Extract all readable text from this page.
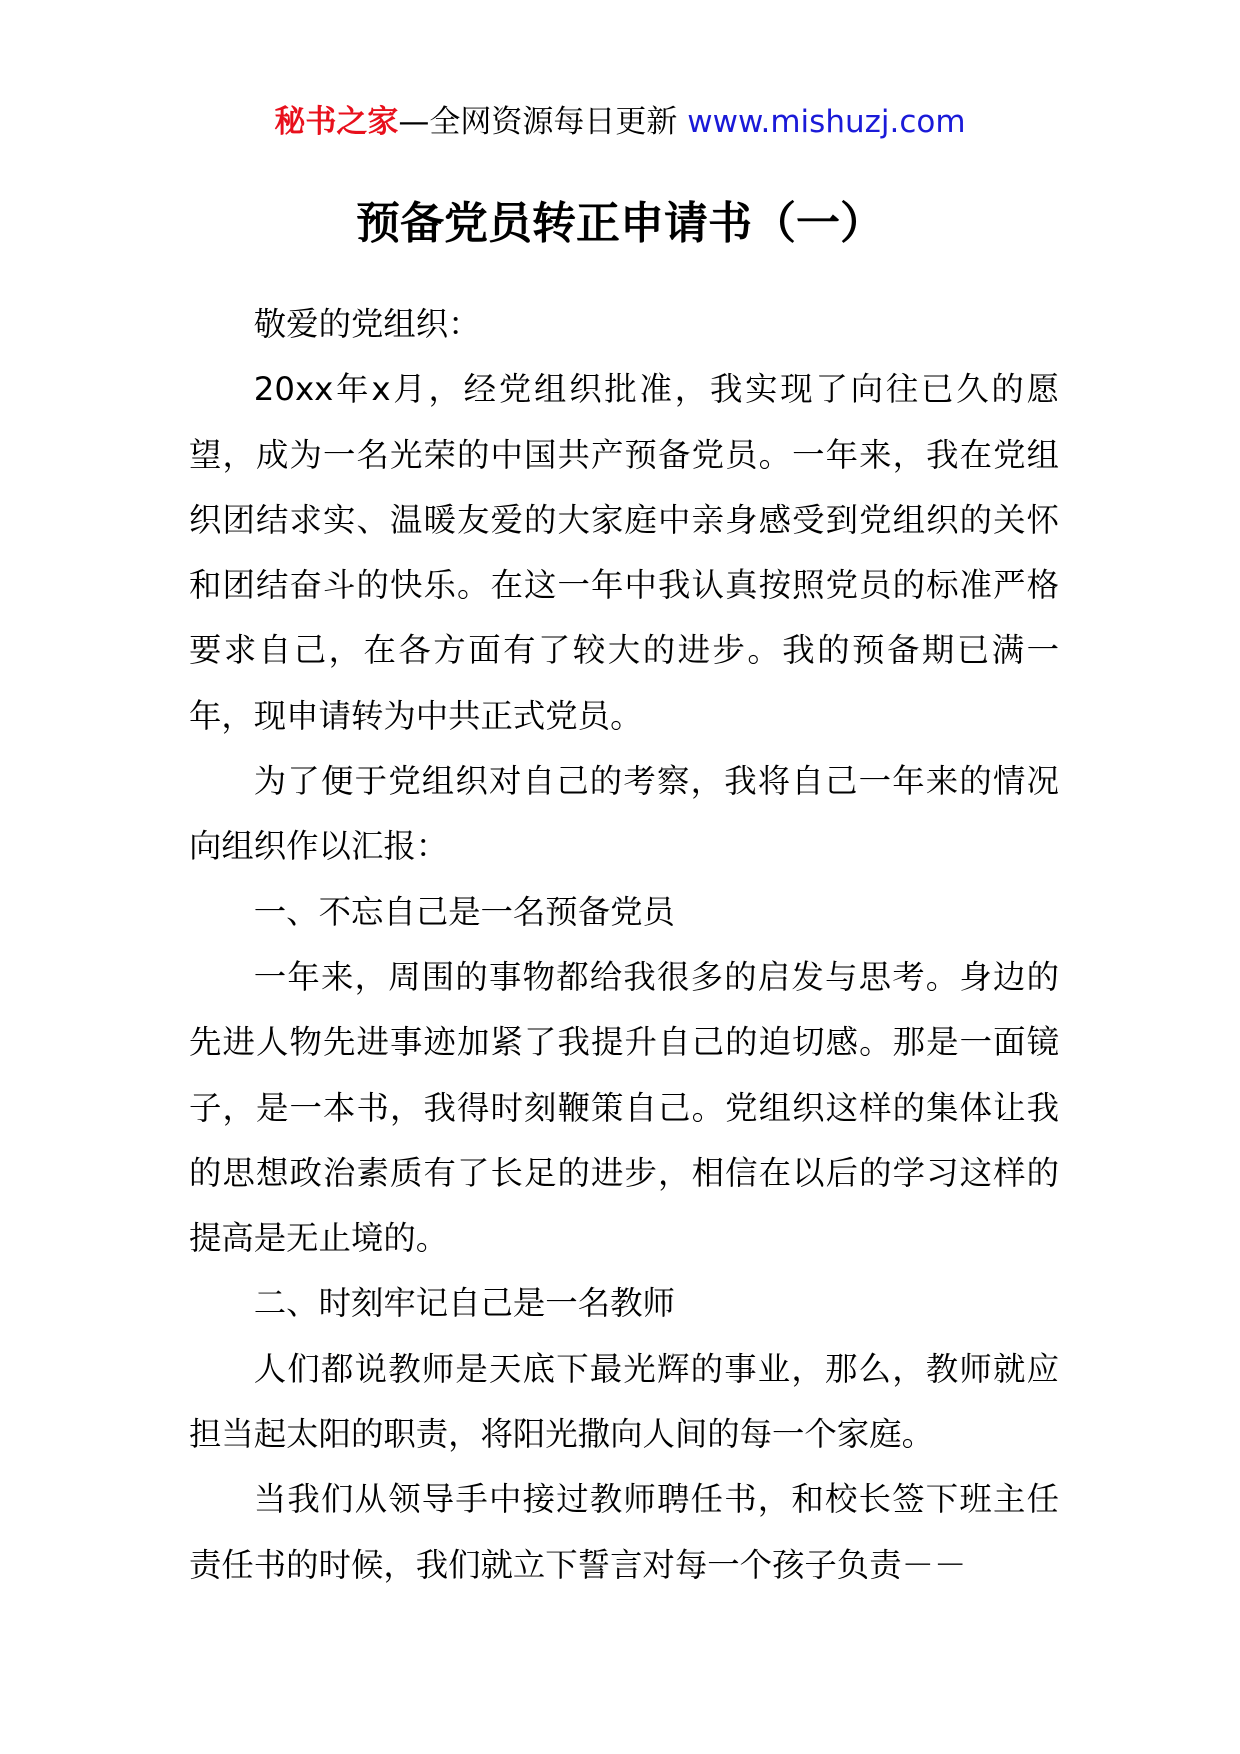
秘书之家—全网资源每日更新 www.mishuzj.com
预备党员转正申请书（一）

敬爱的党组织：

20xx年x月，经党组织批准，我实现了向往已久的愿望，成为一名光荣的中国共产预备党员。一年来，我在党组织团结求实、温暖友爱的大家庭中亲身感受到党组织的关怀和团结奋斗的快乐。在这一年中我认真按照党员的标准严格要求自己，在各方面有了较大的进步。我的预备期已满一年，现申请转为中共正式党员。

为了便于党组织对自己的考察，我将自己一年来的情况向组织作以汇报：

一、不忘自己是一名预备党员

一年来，周围的事物都给我很多的启发与思考。身边的先进人物先进事迹加紧了我提升自己的迫切感。那是一面镜子，是一本书，我得时刻鞭策自己。党组织这样的集体让我的思想政治素质有了长足的进步，相信在以后的学习这样的提高是无止境的。

二、时刻牢记自己是一名教师

人们都说教师是天底下最光辉的事业，那么，教师就应担当起太阳的职责，将阳光撒向人间的每一个家庭。

当我们从领导手中接过教师聘任书，和校长签下班主任责任书的时候，我们就立下誓言对每一个孩子负责－－
